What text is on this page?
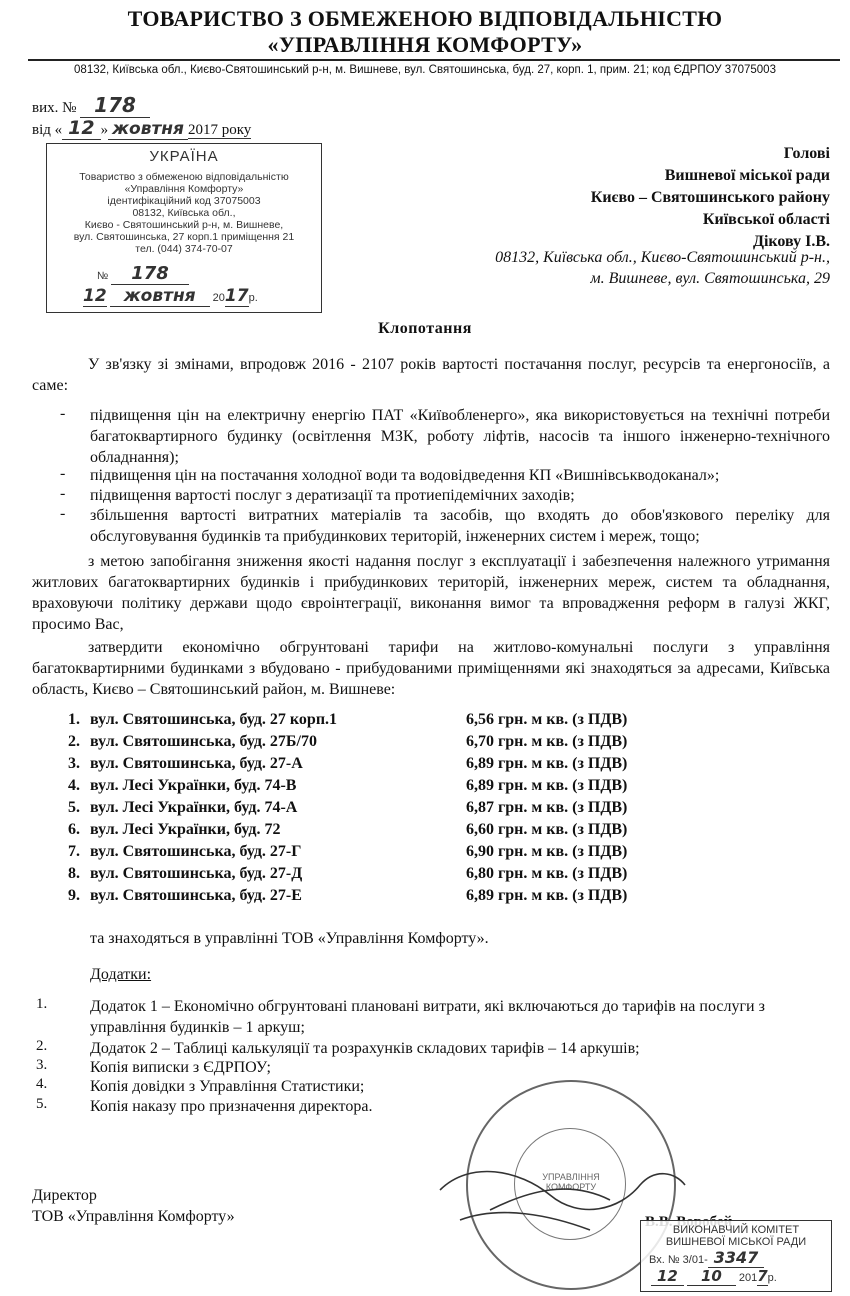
ТОВАРИСТВО З ОБМЕЖЕНОЮ ВІДПОВІДАЛЬНІСТЮ
«УПРАВЛІННЯ КОМФОРТУ»
08132, Київська обл., Києво-Святошинський р-н, м. Вишневе, вул. Святошинська, буд. 27, корп. 1, прим. 21; код ЄДРПОУ 37075003
вих. № 178
від « 12 » жовтня 2017 року
УКРАЇНА
Товариство з обмеженою відповідальністю
«Управління Комфорту»
ідентифікаційний код 37075003
08132, Київська обл.,
Києво - Святошинський р-н, м. Вишневе,
вул. Святошинська, 27 корп.1 приміщення 21
тел. (044) 374-70-07
№ 178
12 жовтня 2017р.
Голові
Вишневої міської ради
Києво – Святошинського району
Київської області
Дікову І.В.
08132, Київська обл., Києво-Святошинський р-н.,
м. Вишневе, вул. Святошинська, 29
Клопотання
У зв'язку зі змінами, впродовж 2016 - 2107 років вартості постачання послуг, ресурсів та енергоносіїв, а саме:
- підвищення цін на електричну енергію ПАТ «Київобленерго», яка використовується на технічні потреби багатоквартирного будинку (освітлення МЗК, роботу ліфтів, насосів та іншого інженерно-технічного обладнання);
- підвищення цін на постачання холодної води та водовідведення КП «Вишнівськводоканал»;
- підвищення вартості послуг з дератизації та протиепідемічних заходів;
- збільшення вартості витратних матеріалів та засобів, що входять до обов'язкового переліку для обслуговування будинків та прибудинкових територій, інженерних систем і мереж, тощо;
з метою запобігання зниження якості надання послуг з експлуатації і забезпечення належного утримання житлових багатоквартирних будинків і прибудинкових територій, інженерних мереж, систем та обладнання, враховуючи політику держави щодо євроінтеграції, виконання вимог та впровадження реформ в галузі ЖКГ, просимо Вас,
затвердити економічно обгрунтовані тарифи на житлово-комунальні послуги з управління багатоквартирними будинками з вбудовано - прибудованими приміщеннями які знаходяться за адресами, Київська область, Києво – Святошинський район, м. Вишневе:
1. вул. Святошинська, буд. 27 корп.1	6,56 грн. м кв. (з ПДВ)
2. вул. Святошинська, буд. 27Б/70	6,70 грн. м кв. (з ПДВ)
3. вул. Святошинська, буд. 27-А	6,89 грн. м кв. (з ПДВ)
4. вул. Лесі Українки, буд. 74-В	6,89 грн. м кв. (з ПДВ)
5. вул. Лесі Українки, буд. 74-А	6,87 грн. м кв. (з ПДВ)
6. вул. Лесі Українки, буд. 72	6,60 грн. м кв. (з ПДВ)
7. вул. Святошинська, буд. 27-Г	6,90 грн. м кв. (з ПДВ)
8. вул. Святошинська, буд. 27-Д	6,80 грн. м кв. (з ПДВ)
9. вул. Святошинська, буд. 27-Е	6,89 грн. м кв. (з ПДВ)
та знаходяться в управлінні ТОВ «Управління Комфорту».
Додатки:
1.	Додаток 1 – Економічно обгрунтовані плановані витрати, які включаються до тарифів на послуги з управління будинків – 1 аркуш;
2.	Додаток 2 – Таблиці калькуляції та розрахунків складових тарифів – 14 аркушів;
3.	Копія виписки з ЄДРПОУ;
4.	Копія довідки з Управління Статистики;
5.	Копія наказу про призначення директора.
УПРАВЛІННЯ
КОМФОРТУ
Директор
ТОВ «Управління Комфорту»
ВИКОНАВЧИЙ КОМІТЕТ
ВИШНЕВОЇ МІСЬКОЇ РАДИ
Вх. № 3/01- 3347
12 10 2017р.
